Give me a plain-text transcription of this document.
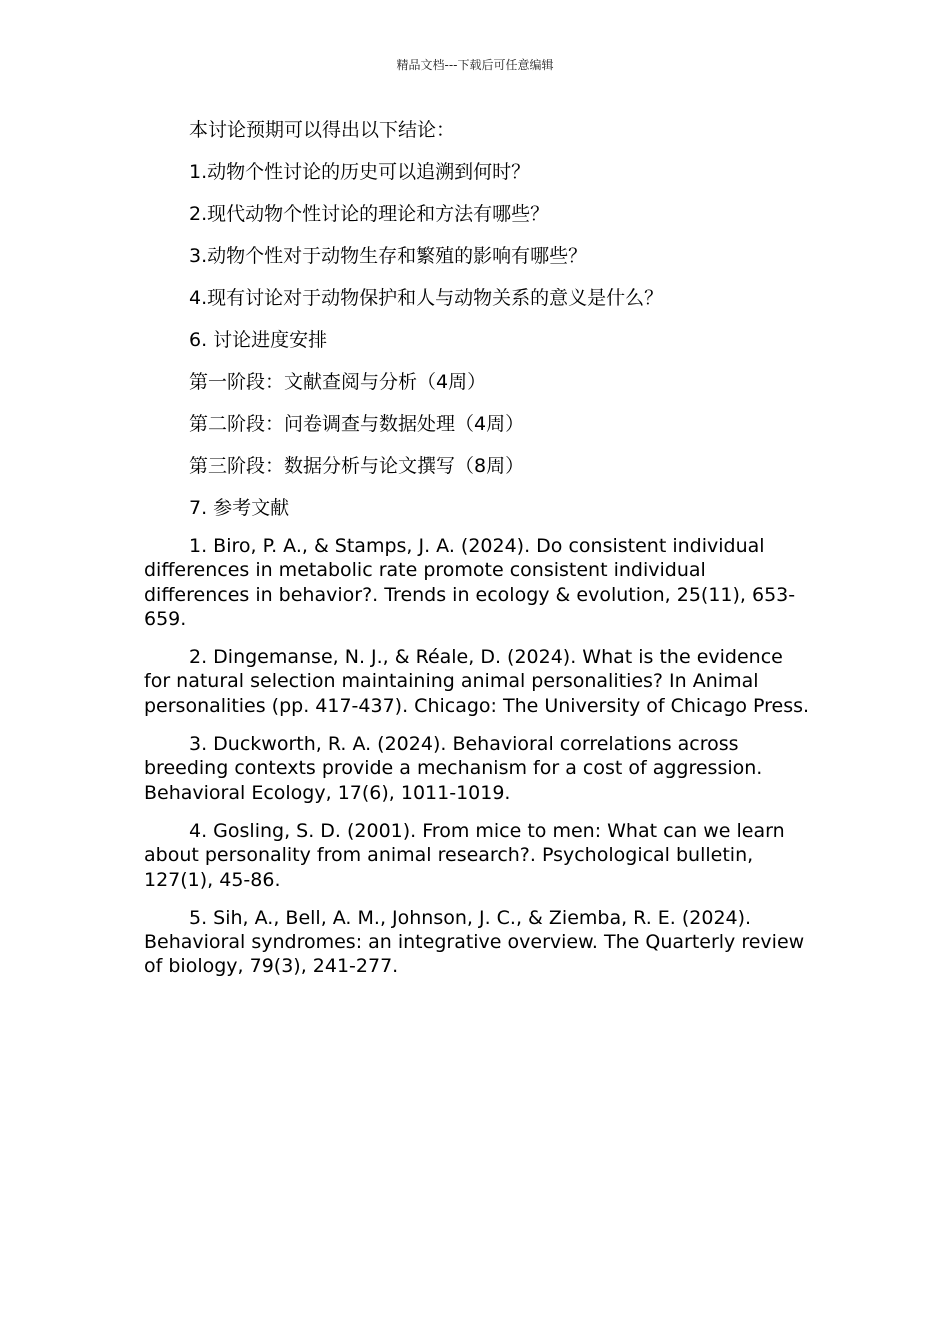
精品文档---下载后可任意编辑

本讨论预期可以得出以下结论：

1.动物个性讨论的历史可以追溯到何时？

2.现代动物个性讨论的理论和方法有哪些？

3.动物个性对于动物生存和繁殖的影响有哪些？

4.现有讨论对于动物保护和人与动物关系的意义是什么？

6. 讨论进度安排

第一阶段：文献查阅与分析（4周）

第二阶段：问卷调查与数据处理（4周）

第三阶段：数据分析与论文撰写（8周）

7. 参考文献

1. Biro, P. A., & Stamps, J. A. (2024). Do consistent individual differences in metabolic rate promote consistent individual differences in behavior?. Trends in ecology & evolution, 25(11), 653-659.

2. Dingemanse, N. J., & Réale, D. (2024). What is the evidence for natural selection maintaining animal personalities? In Animal personalities (pp. 417-437). Chicago: The University of Chicago Press.

3. Duckworth, R. A. (2024). Behavioral correlations across breeding contexts provide a mechanism for a cost of aggression. Behavioral Ecology, 17(6), 1011-1019.

4. Gosling, S. D. (2001). From mice to men: What can we learn about personality from animal research?. Psychological bulletin, 127(1), 45-86.

5. Sih, A., Bell, A. M., Johnson, J. C., & Ziemba, R. E. (2024). Behavioral syndromes: an integrative overview. The Quarterly review of biology, 79(3), 241-277.
